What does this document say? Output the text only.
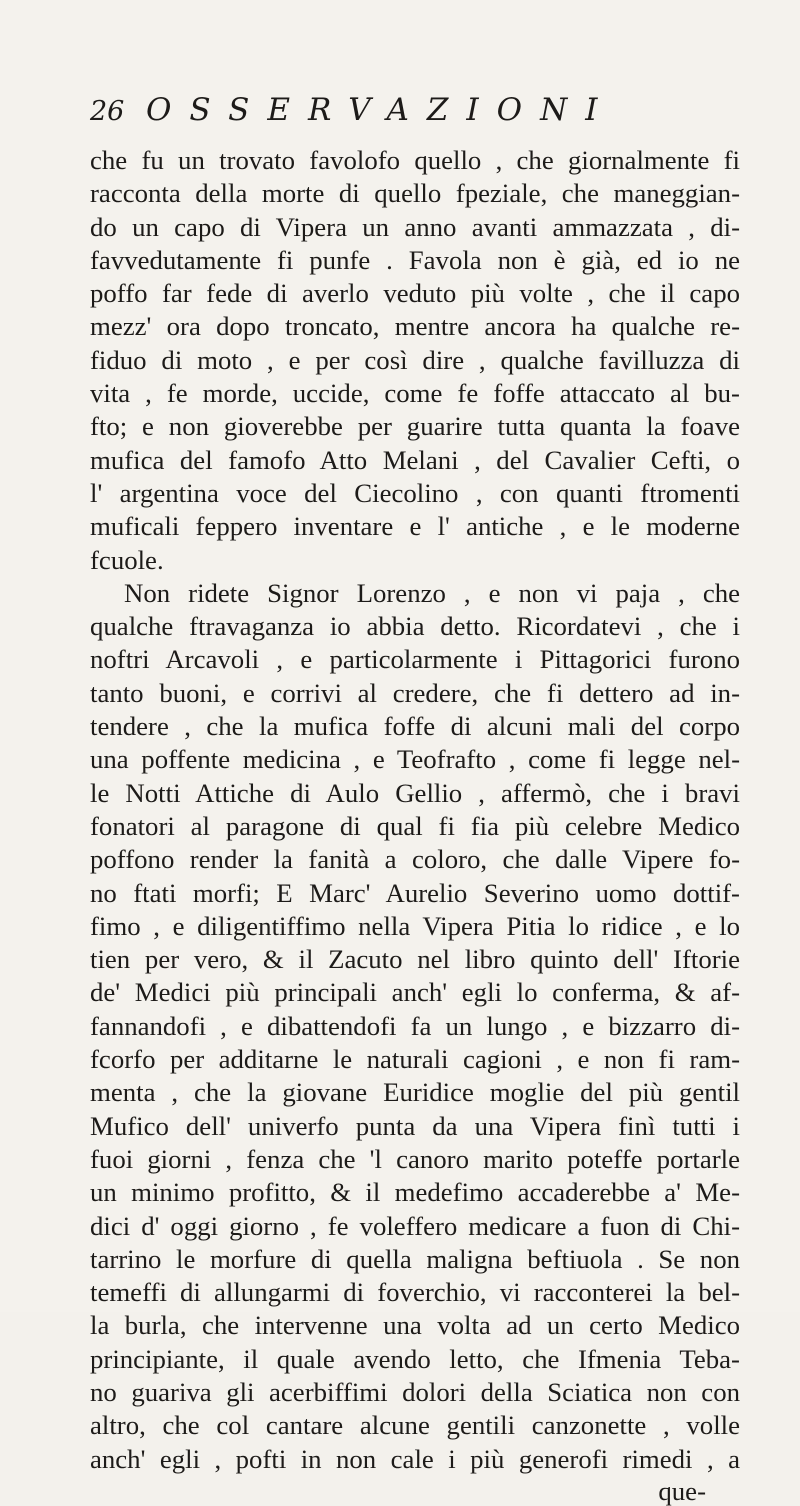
26 OSSERVAZIONI
che fu un trovato favolofo quello , che giornalmente fi
racconta della morte di quello fpeziale, che maneggian-
do un capo di Vipera un anno avanti ammazzata , di-
favvedutamente fi punfe . Favola non è già, ed io ne
poffo far fede di averlo veduto più volte , che il capo
mezz' ora dopo troncato, mentre ancora ha qualche re-
fiduo di moto , e per così dire , qualche favilluzza di
vita , fe morde, uccide, come fe foffe attaccato al bu-
fto; e non gioverebbe per guarire tutta quanta la foave
mufica del famofo Atto Melani , del Cavalier Cefti, o
l' argentina voce del Ciecolino , con quanti ftromenti
muficali feppero inventare e l' antiche , e le moderne
fcuole.
Non ridete Signor Lorenzo , e non vi paja , che
qualche ftravaganza io abbia detto. Ricordatevi , che i
noftri Arcavoli , e particolarmente i Pittagorici furono
tanto buoni, e corrivi al credere, che fi dettero ad in-
tendere , che la mufica foffe di alcuni mali del corpo
una poffente medicina , e Teofrafto , come fi legge nel-
le Notti Attiche di Aulo Gellio , affermò, che i bravi
fonatori al paragone di qual fi fia più celebre Medico
poffono render la fanità a coloro, che dalle Vipere fo-
no ftati morfi; E Marc' Aurelio Severino uomo dottif-
fimo , e diligentiffimo nella Vipera Pitia lo ridice , e lo
tien per vero, & il Zacuto nel libro quinto dell' Iftorie
de' Medici più principali anch' egli lo conferma, & af-
fannandofi , e dibattendofi fa un lungo , e bizzarro di-
fcorfo per additarne le naturali cagioni , e non fi ram-
menta , che la giovane Euridice moglie del più gentil
Mufico dell' univerfo punta da una Vipera finì tutti i
fuoi giorni , fenza che 'l canoro marito poteffe portarle
un minimo profitto, & il medefimo accaderebbe a' Me-
dici d' oggi giorno , fe voleffero medicare a fuon di Chi-
tarrino le morfure di quella maligna beftiuola . Se non
temeffi di allungarmi di foverchio, vi racconterei la bel-
la burla, che intervenne una volta ad un certo Medico
principiante, il quale avendo letto, che Ifmenia Teba-
no guariva gli acerbiffimi dolori della Sciatica non con
altro, che col cantare alcune gentili canzonette , volle
anch' egli , pofti in non cale i più generofi rimedi , a
que-
